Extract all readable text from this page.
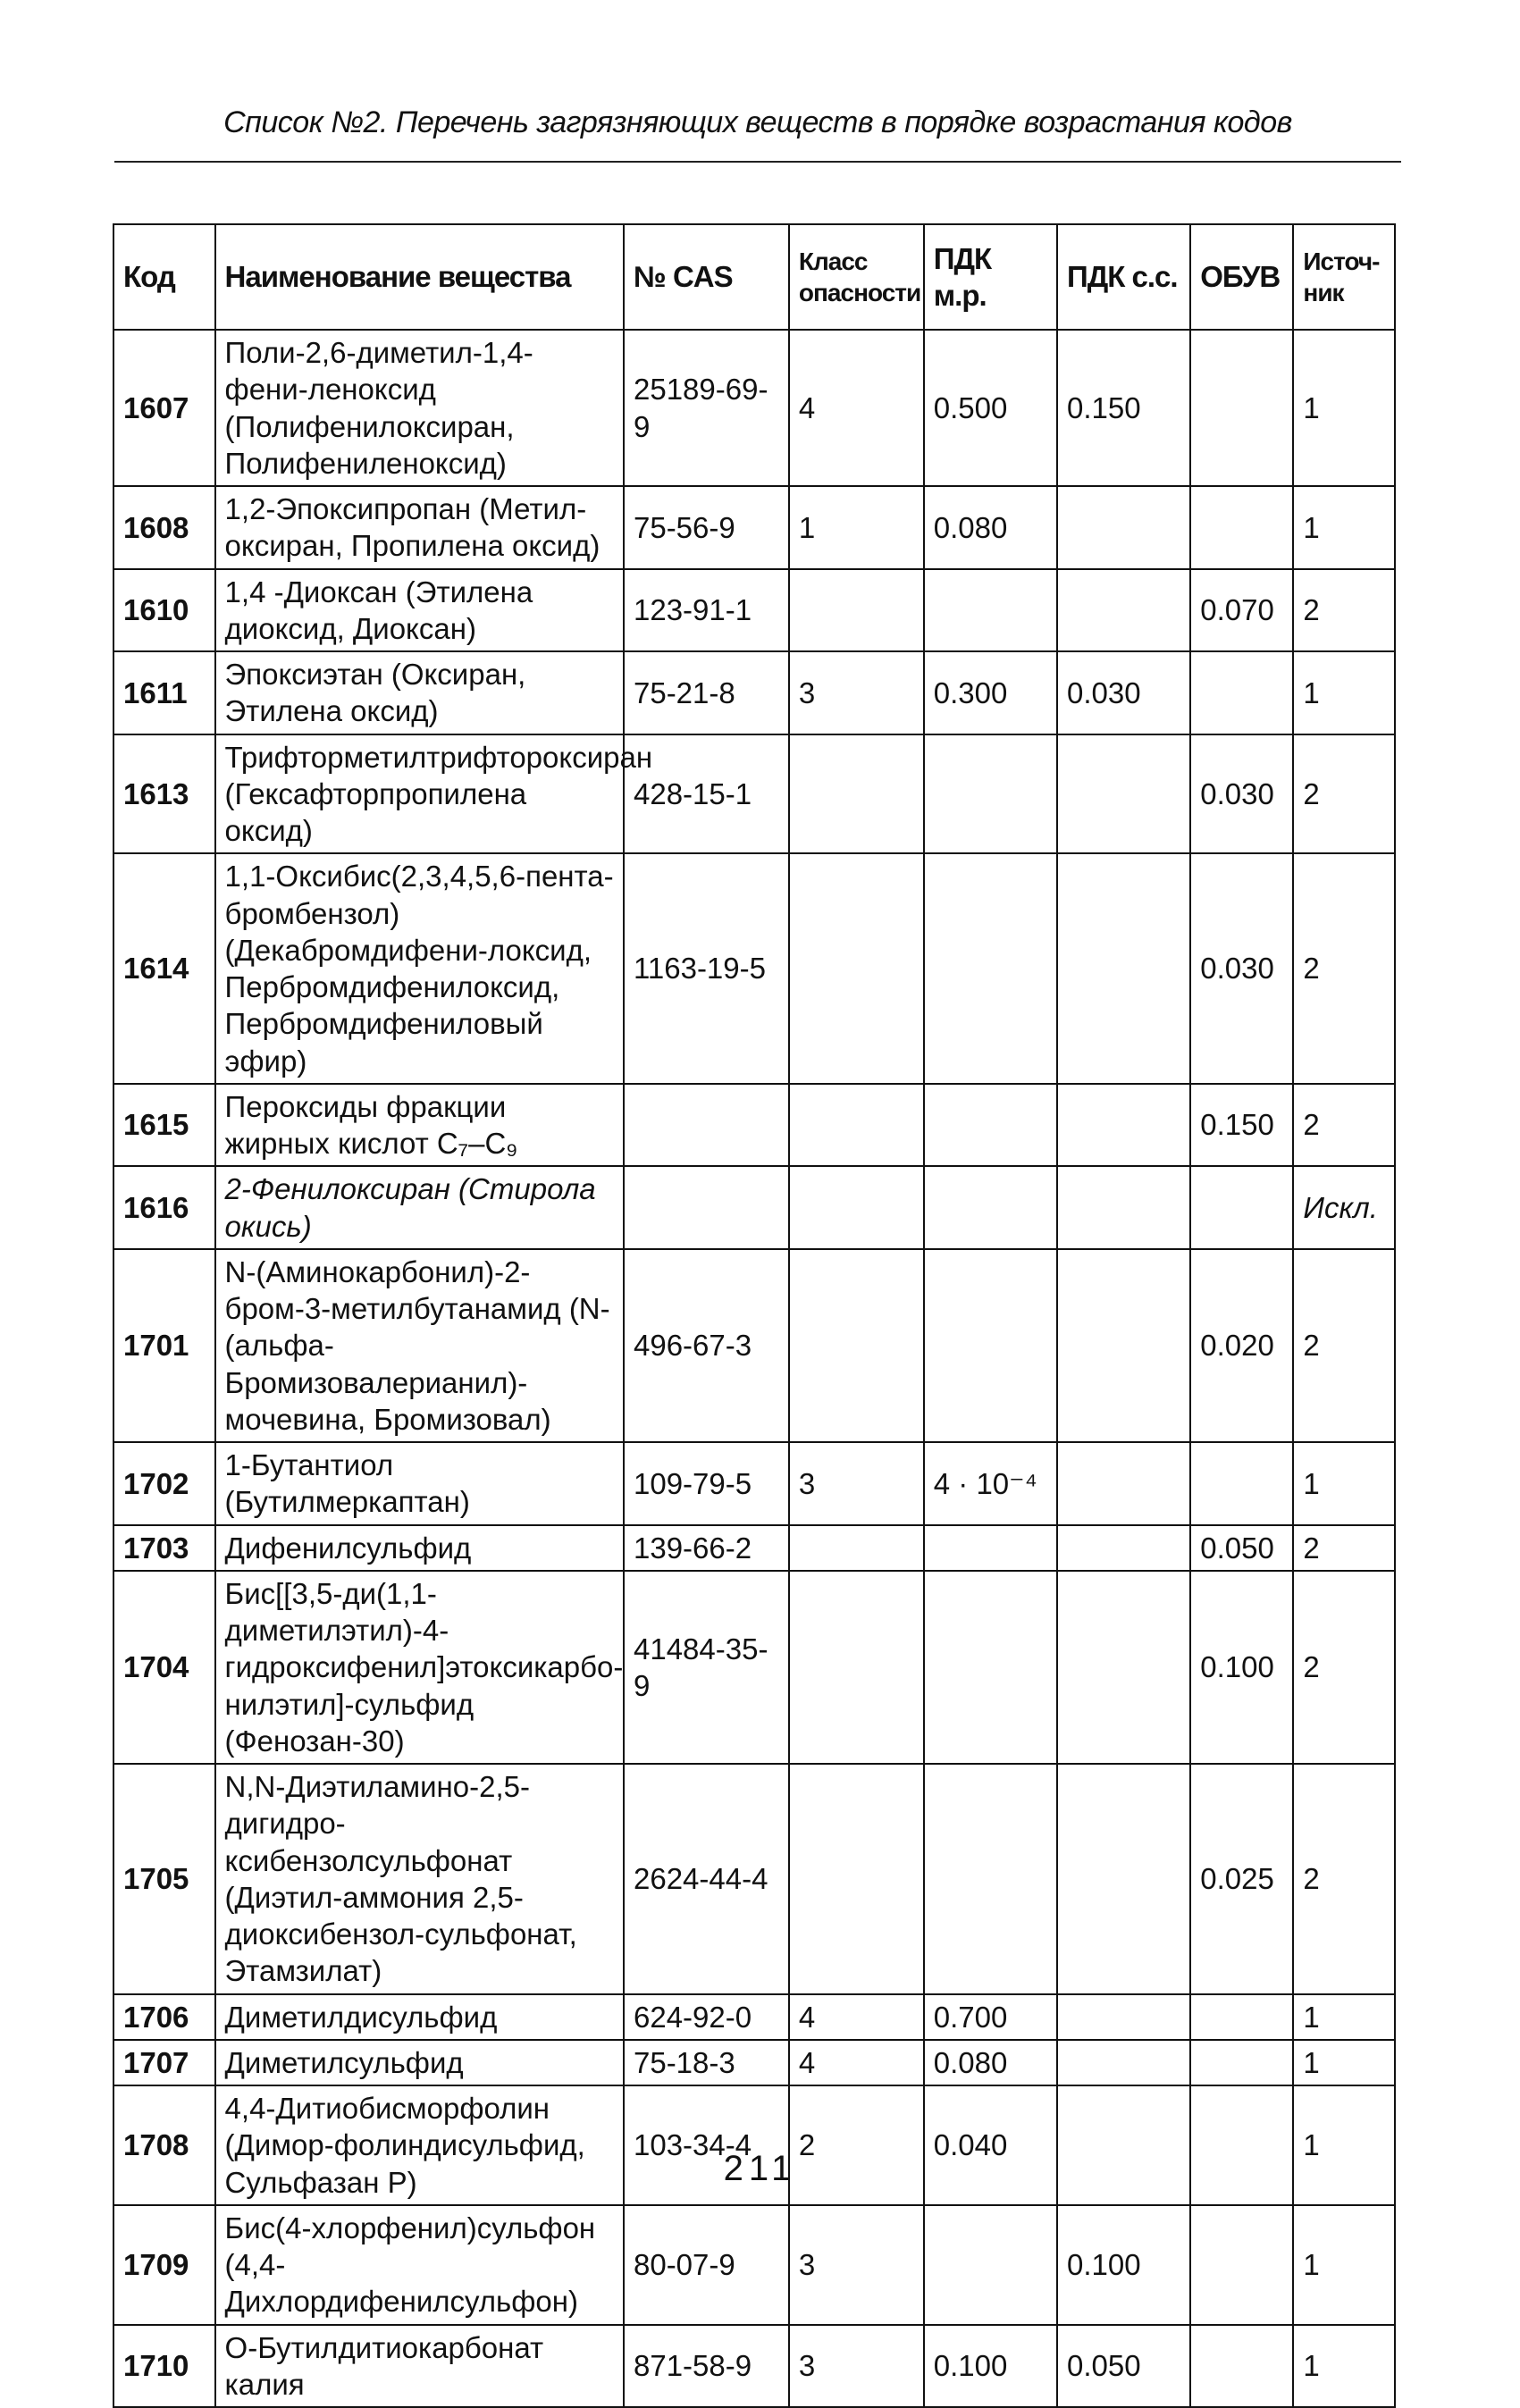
Список №2. Перечень загрязняющих веществ в порядке возрастания кодов
Код	Наименование вещества	№ CAS	Класс опасности	ПДК м.р.	ПДК с.с.	ОБУВ	Источ-ник
1607	Поли-2,6-диметил-1,4-фени-леноксид (Полифенилоксиран, Полифениленоксид)	25189-69-9	4	0.500	0.150		1
1608	1,2-Эпоксипропан (Метил-оксиран, Пропилена оксид)	75-56-9	1	0.080			1
1610	1,4 -Диоксан (Этилена диоксид, Диоксан)	123-91-1				0.070	2
1611	Эпоксиэтан (Оксиран, Этилена оксид)	75-21-8	3	0.300	0.030		1
1613	Трифторметилтрифтороксиран (Гексафторпропилена оксид)	428-15-1				0.030	2
1614	1,1-Оксибис(2,3,4,5,6-пента-бромбензол) (Декабромдифени-локсид, Пербромдифенилоксид, Пербромдифениловый эфир)	1163-19-5				0.030	2
1615	Пероксиды фракции жирных кислот C₇–C₉					0.150	2
1616	2-Фенилоксиран (Стирола окись)						Искл.
1701	N-(Аминокарбонил)-2-бром-3-метилбутанамид (N-(альфа-Бромизовалерианил)-мочевина, Бромизовал)	496-67-3				0.020	2
1702	1-Бутантиол (Бутилмеркаптан)	109-79-5	3	4 · 10⁻⁴			1
1703	Дифенилсульфид	139-66-2				0.050	2
1704	Бис[[3,5-ди(1,1-диметилэтил)-4-гидроксифенил]этоксикарбо-нилэтил]-сульфид (Фенозан-30)	41484-35-9				0.100	2
1705	N,N-Диэтиламино-2,5-дигидро-ксибензолсульфонат (Диэтил-аммония 2,5-диоксибензол-сульфонат, Этамзилат)	2624-44-4				0.025	2
1706	Диметилдисульфид	624-92-0	4	0.700			1
1707	Диметилсульфид	75-18-3	4	0.080			1
1708	4,4-Дитиобисморфолин (Димор-фолиндисульфид, Сульфазан Р)	103-34-4	2	0.040			1
1709	Бис(4-хлорфенил)сульфон (4,4-Дихлордифенилсульфон)	80-07-9	3		0.100		1
1710	О-Бутилдитиокарбонат калия	871-58-9	3	0.100	0.050		1
211
